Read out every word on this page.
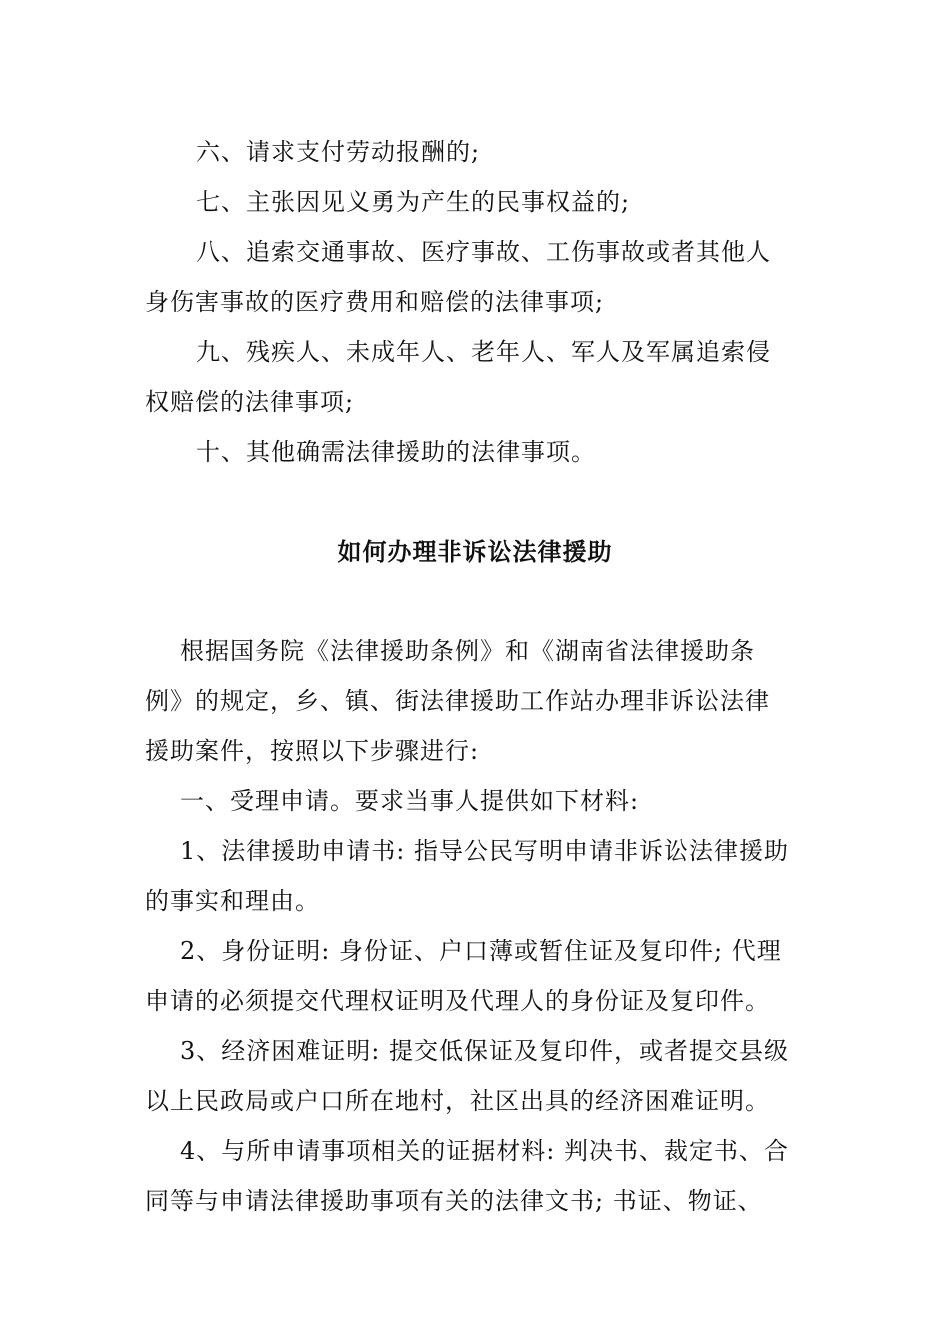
六、请求支付劳动报酬的;
七、主张因见义勇为产生的民事权益的;
八、追索交通事故、医疗事故、工伤事故或者其他人
身伤害事故的医疗费用和赔偿的法律事项;
九、残疾人、未成年人、老年人、军人及军属追索侵
权赔偿的法律事项;
十、其他确需法律援助的法律事项。
如何办理非诉讼法律援助
根据国务院《法律援助条例》和《湖南省法律援助条
例》的规定，乡、镇、街法律援助工作站办理非诉讼法律
援助案件，按照以下步骤进行:
一、受理申请。要求当事人提供如下材料:
1、法律援助申请书: 指导公民写明申请非诉讼法律援助
的事实和理由。
2、身份证明: 身份证、户口薄或暂住证及复印件; 代理
申请的必须提交代理权证明及代理人的身份证及复印件。
3、经济困难证明: 提交低保证及复印件，或者提交县级
以上民政局或户口所在地村，社区出具的经济困难证明。
4、与所申请事项相关的证据材料: 判决书、裁定书、合
同等与申请法律援助事项有关的法律文书; 书证、物证、
